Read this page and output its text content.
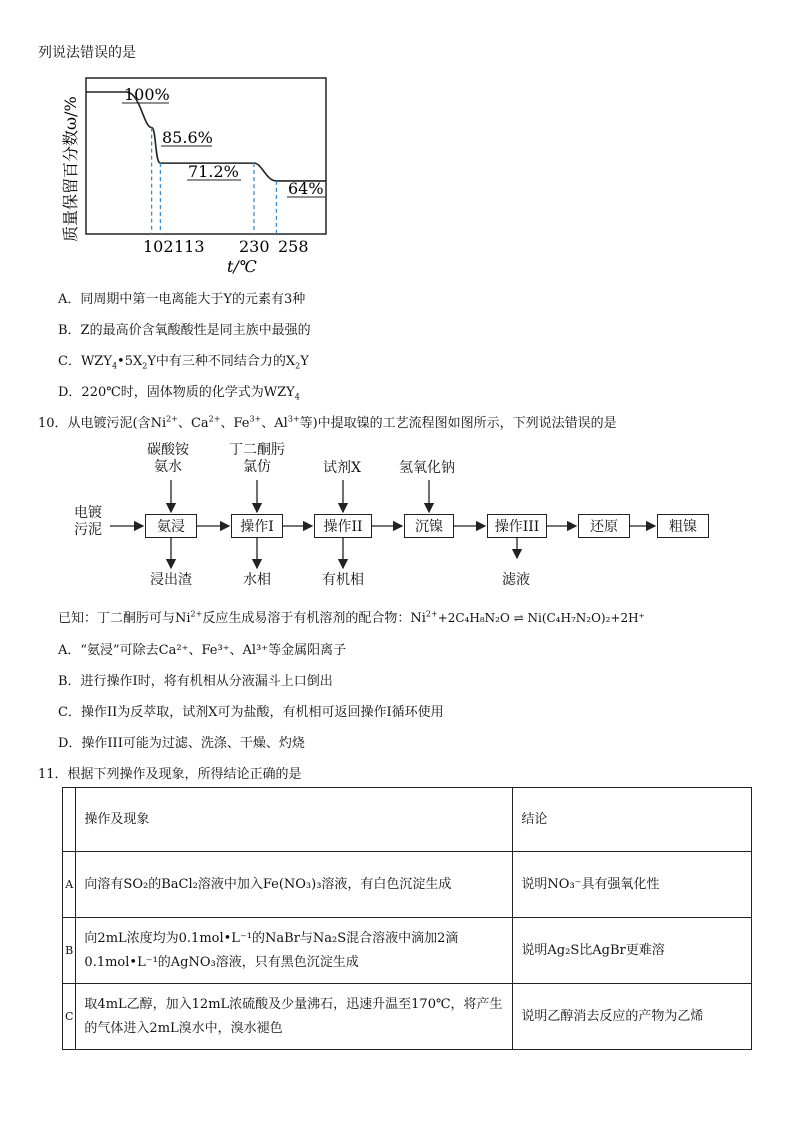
列说法错误的是
100%
85.6%
71.2%
64%
102 113 230 258
t/℃
质量保留百分数ω/%
A．同周期中第一电离能大于Y的元素有3种
B．Z的最高价含氧酸酸性是同主族中最强的
C．$WZY_4•5X_2Y$中有三种不同结合力的$X_2Y$
D．220℃时，固体物质的化学式为$WZY_4$
10．从电镀污泥(含$Ni^{2+}$、$Ca^{2+}$、$Fe^{3+}$、$Al^{3+}$等)中提取镍的工艺流程图如图所示，下列说法错误的是
电镀
污泥
碳酸铵
氨水
丁二酮肟
氯仿	试剂X	氢氧化钠
氨浸	操作I	操作II	沉镍	操作III	还原	粗镍
浸出渣	水相	有机相	滤液
已知：丁二酮肟可与$Ni^{2+}$反应生成易溶于有机溶剂的配合物：$Ni^{2+}+2C_4H_8N_2O$ ⇌ Ni(C₄H₇N₂O)₂+2H⁺
A．“氨浸”可除去Ca²⁺、Fe³⁺、Al³⁺等金属阳离子
B．进行操作I时，将有机相从分液漏斗上口倒出
C．操作II为反萃取，试剂X可为盐酸，有机相可返回操作I循环使用
D．操作III可能为过滤、洗涤、干燥、灼烧
11．根据下列操作及现象，所得结论正确的是
	操作及现象	结论
A	向溶有SO₂的BaCl₂溶液中加入Fe(NO₃)₃溶液，有白色沉淀生成	说明NO₃⁻具有强氧化性
B	向2mL浓度均为0.1mol•L⁻¹的NaBr与Na₂S混合溶液中滴加2滴0.1mol•L⁻¹的AgNO₃溶液，只有黑色沉淀生成	说明Ag₂S比AgBr更难溶
C	取4mL乙醇，加入12mL浓硫酸及少量沸石，迅速升温至170℃，将产生的气体进入2mL溴水中，溴水褪色	说明乙醇消去反应的产物为乙烯
